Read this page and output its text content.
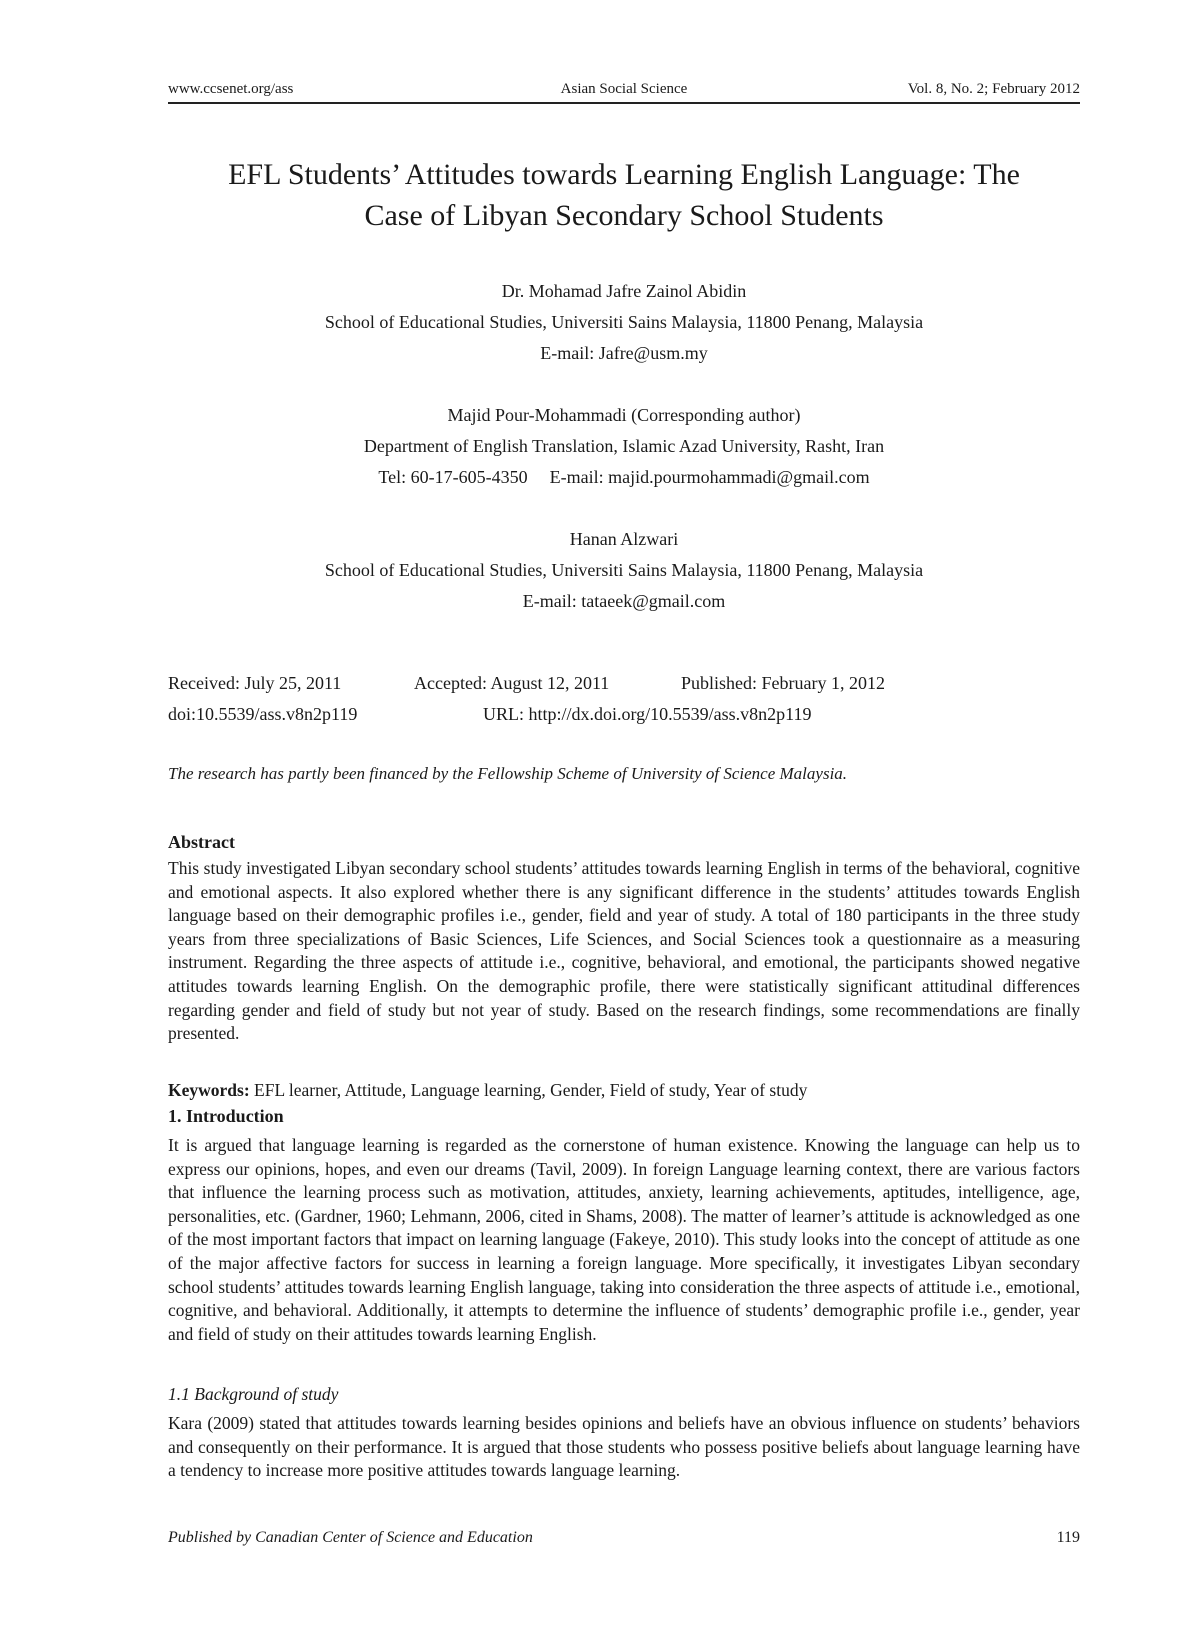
www.ccsenet.org/ass	Asian Social Science	Vol. 8, No. 2; February 2012
EFL Students’ Attitudes towards Learning English Language: The
Case of Libyan Secondary School Students
Dr. Mohamad Jafre Zainol Abidin
School of Educational Studies, Universiti Sains Malaysia, 11800 Penang, Malaysia
E-mail: Jafre@usm.my
Majid Pour-Mohammadi (Corresponding author)
Department of English Translation, Islamic Azad University, Rasht, Iran
Tel: 60-17-605-4350 E-mail: majid.pourmohammadi@gmail.com
Hanan Alzwari
School of Educational Studies, Universiti Sains Malaysia, 11800 Penang, Malaysia
E-mail: tataeek@gmail.com
Received: July 25, 2011	Accepted: August 12, 2011	Published: February 1, 2012
doi:10.5539/ass.v8n2p119	URL: http://dx.doi.org/10.5539/ass.v8n2p119
The research has partly been financed by the Fellowship Scheme of University of Science Malaysia.
Abstract
This study investigated Libyan secondary school students’ attitudes towards learning English in terms of the behavioral, cognitive and emotional aspects. It also explored whether there is any significant difference in the students’ attitudes towards English language based on their demographic profiles i.e., gender, field and year of study. A total of 180 participants in the three study years from three specializations of Basic Sciences, Life Sciences, and Social Sciences took a questionnaire as a measuring instrument. Regarding the three aspects of attitude i.e., cognitive, behavioral, and emotional, the participants showed negative attitudes towards learning English. On the demographic profile, there were statistically significant attitudinal differences regarding gender and field of study but not year of study. Based on the research findings, some recommendations are finally presented.
Keywords: EFL learner, Attitude, Language learning, Gender, Field of study, Year of study
1. Introduction
It is argued that language learning is regarded as the cornerstone of human existence. Knowing the language can help us to express our opinions, hopes, and even our dreams (Tavil, 2009). In foreign Language learning context, there are various factors that influence the learning process such as motivation, attitudes, anxiety, learning achievements, aptitudes, intelligence, age, personalities, etc. (Gardner, 1960; Lehmann, 2006, cited in Shams, 2008). The matter of learner’s attitude is acknowledged as one of the most important factors that impact on learning language (Fakeye, 2010). This study looks into the concept of attitude as one of the major affective factors for success in learning a foreign language. More specifically, it investigates Libyan secondary school students’ attitudes towards learning English language, taking into consideration the three aspects of attitude i.e., emotional, cognitive, and behavioral. Additionally, it attempts to determine the influence of students’ demographic profile i.e., gender, year and field of study on their attitudes towards learning English.
1.1 Background of study
Kara (2009) stated that attitudes towards learning besides opinions and beliefs have an obvious influence on students’ behaviors and consequently on their performance. It is argued that those students who possess positive beliefs about language learning have a tendency to increase more positive attitudes towards language learning.
Published by Canadian Center of Science and Education	119
